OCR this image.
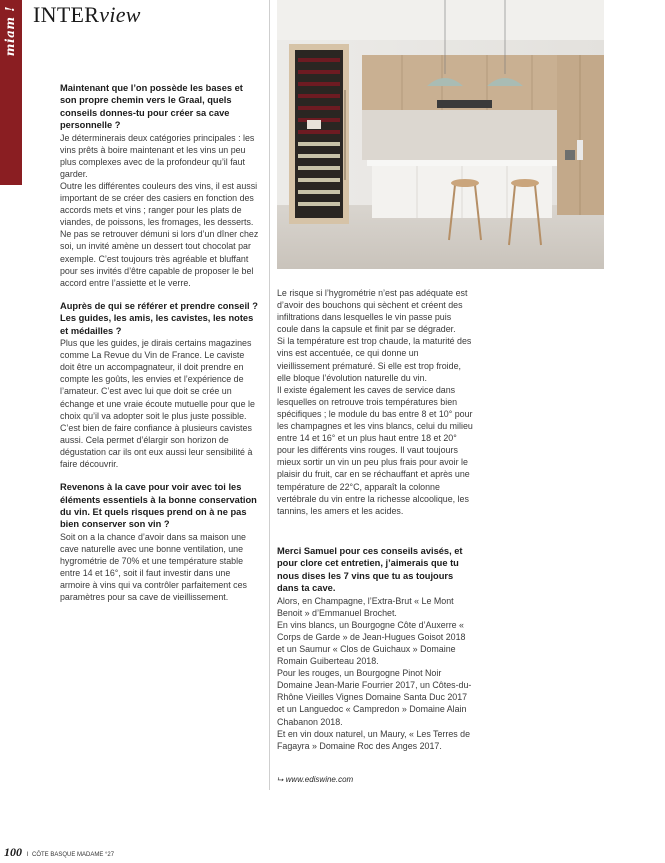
miam ! INTERview

Maintenant que l’on possède les bases et son propre chemin vers le Graal, quels conseils donnes-tu pour créer sa cave personnelle ?

Je déterminerais deux catégories principales : les vins prêts à boire maintenant et les vins un peu plus complexes avec de la profondeur qu’il faut garder.

Outre les différentes couleurs des vins, il est aussi important de se créer des casiers en fonction des accords mets et vins ; ranger pour les plats de viandes, de poissons, les fromages, les desserts. Ne pas se retrouver démuni si lors d’un dîner chez soi, un invité amène un dessert tout chocolat par exemple. C’est toujours très agréable et bluffant pour ses invités d’être capable de proposer le bel accord entre l’assiette et le verre.

Auprès de qui se référer et prendre conseil ? Les guides, les amis, les cavistes, les notes et médailles ?

Plus que les guides, je dirais certains magazines comme La Revue du Vin de France. Le caviste doit être un accompagnateur, il doit prendre en compte les goûts, les envies et l’expérience de l’amateur. C’est avec lui que doit se crée un échange et une vraie écoute mutuelle pour que le choix qu’il va adopter soit le plus juste possible. C’est bien de faire confiance à plusieurs cavistes aussi. Cela permet d’élargir son horizon de dégustation car ils ont eux aussi leur sensibilité à faire découvrir.

Revenons à la cave pour voir avec toi les éléments essentiels à la bonne conservation du vin. Et quels risques prend on à ne pas bien conserver son vin ?

Soit on a la chance d’avoir dans sa maison une cave naturelle avec une bonne ventilation, une hygrométrie de 70% et une température stable entre 14 et 16°, soit il faut investir dans une armoire à vins qui va contrôler parfaitement ces paramètres pour sa cave de vieillissement.

Le risque si l’hygrométrie n’est pas adéquate est d’avoir des bouchons qui sèchent et créent des infiltrations dans lesquelles le vin passe puis coule dans la capsule et finit par se dégrader.

Si la température est trop chaude, la maturité des vins est accentuée, ce qui donne un vieillissement prématuré. Si elle est trop froide, elle bloque l’évolution naturelle du vin.

Il existe également les caves de service dans lesquelles on retrouve trois températures bien spécifiques ; le module du bas entre 8 et 10° pour les champagnes et les vins blancs, celui du milieu entre 14 et 16° et un plus haut entre 18 et 20° pour les différents vins rouges. Il vaut toujours mieux sortir un vin un peu plus frais pour avoir le plaisir du fruit, car en se réchauffant et après une température de 22°C, apparaît la colonne vertébrale du vin entre la richesse alcoolique, les tannins, les amers et les acides.

Merci Samuel pour ces conseils avisés, et pour clore cet entretien, j’aimerais que tu nous dises les 7 vins que tu as toujours dans ta cave.

Alors, en Champagne, l’Extra-Brut « Le Mont Benoit » d’Emmanuel Brochet.

En vins blancs, un Bourgogne Côte d’Auxerre « Corps de Garde » de Jean-Hugues Goisot 2018 et un Saumur « Clos de Guichaux » Domaine Romain Guiberteau 2018.

Pour les rouges, un Bourgogne Pinot Noir Domaine Jean-Marie Fourrier 2017, un Côtes-du-Rhône Vieilles Vignes Domaine Santa Duc 2017 et un Languedoc « Campredon » Domaine Alain Chabanon 2018.

Et en vin doux naturel, un Maury, « Les Terres de Fagayra » Domaine Roc des Anges 2017.

⮡ www.ediswine.com
100 I CÔTE BASQUE MADAME °27
